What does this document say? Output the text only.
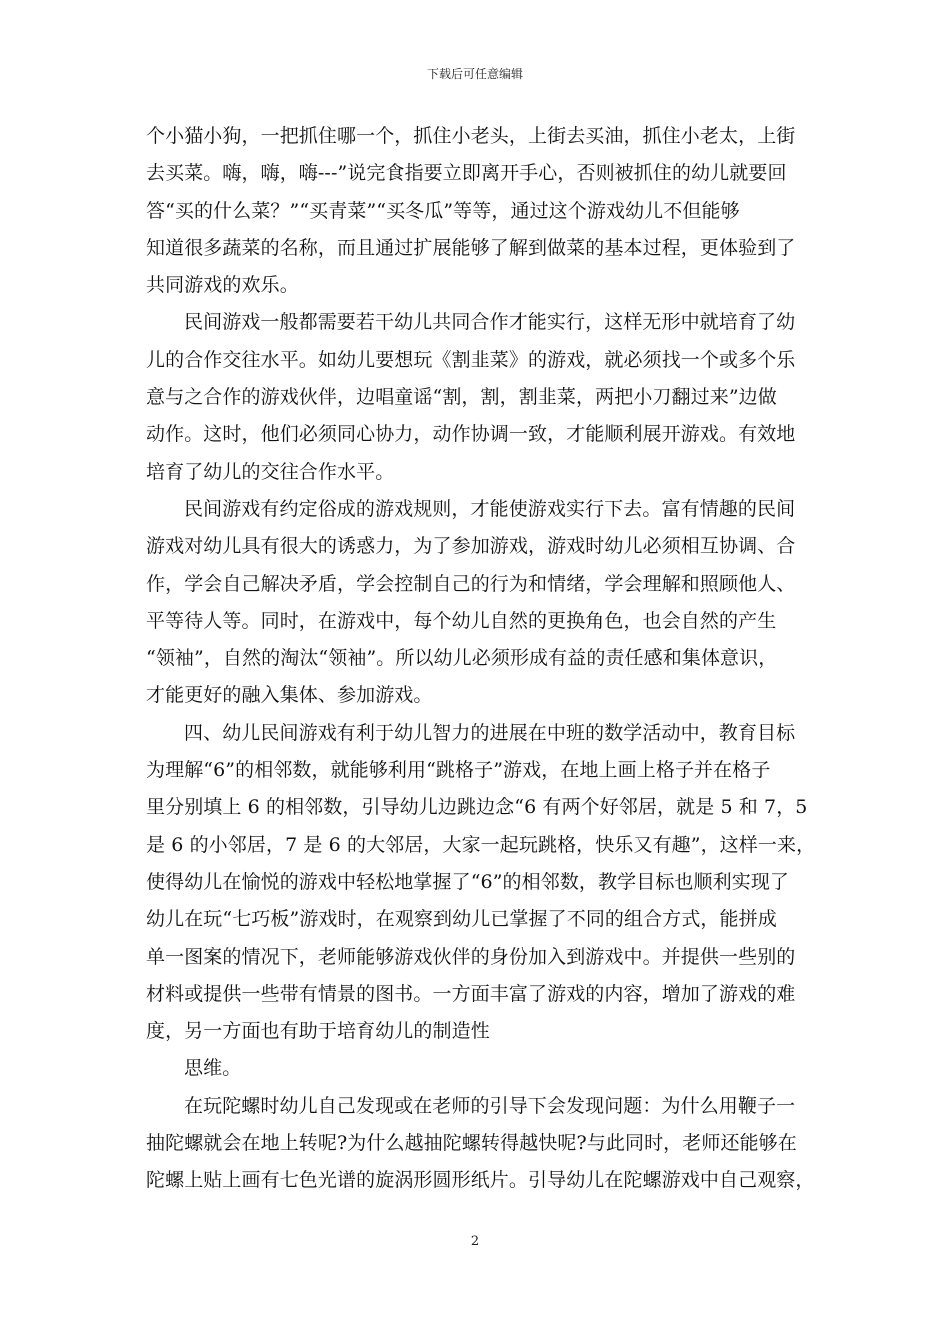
下载后可任意编辑
个小猫小狗，一把抓住哪一个，抓住小老头，上街去买油，抓住小老太，上街
去买菜。嗨，嗨，嗨---”说完食指要立即离开手心，否则被抓住的幼儿就要回
答“买的什么菜？”“买青菜”“买冬瓜”等等，通过这个游戏幼儿不但能够
知道很多蔬菜的名称，而且通过扩展能够了解到做菜的基本过程，更体验到了
共同游戏的欢乐。
民间游戏一般都需要若干幼儿共同合作才能实行，这样无形中就培育了幼
儿的合作交往水平。如幼儿要想玩《割韭菜》的游戏，就必须找一个或多个乐
意与之合作的游戏伙伴，边唱童谣“割，割，割韭菜，两把小刀翻过来”边做
动作。这时，他们必须同心协力，动作协调一致，才能顺利展开游戏。有效地
培育了幼儿的交往合作水平。
民间游戏有约定俗成的游戏规则，才能使游戏实行下去。富有情趣的民间
游戏对幼儿具有很大的诱惑力，为了参加游戏，游戏时幼儿必须相互协调、合
作，学会自己解决矛盾，学会控制自己的行为和情绪，学会理解和照顾他人、
平等待人等。同时，在游戏中，每个幼儿自然的更换角色，也会自然的产生
“领袖”，自然的淘汰“领袖”。所以幼儿必须形成有益的责任感和集体意识，
才能更好的融入集体、参加游戏。
四、幼儿民间游戏有利于幼儿智力的进展在中班的数学活动中，教育目标
为理解“6”的相邻数，就能够利用“跳格子”游戏，在地上画上格子并在格子
里分别填上 6 的相邻数，引导幼儿边跳边念“6 有两个好邻居，就是 5 和 7，5
是 6 的小邻居，7 是 6 的大邻居，大家一起玩跳格，快乐又有趣”，这样一来，
使得幼儿在愉悦的游戏中轻松地掌握了“6”的相邻数，教学目标也顺利实现了
幼儿在玩“七巧板”游戏时，在观察到幼儿已掌握了不同的组合方式，能拼成
单一图案的情况下，老师能够游戏伙伴的身份加入到游戏中。并提供一些别的
材料或提供一些带有情景的图书。一方面丰富了游戏的内容，增加了游戏的难
度，另一方面也有助于培育幼儿的制造性
思维。
在玩陀螺时幼儿自己发现或在老师的引导下会发现问题：为什么用鞭子一
抽陀螺就会在地上转呢?为什么越抽陀螺转得越快呢?与此同时，老师还能够在
陀螺上贴上画有七色光谱的旋涡形圆形纸片。引导幼儿在陀螺游戏中自己观察，
2
